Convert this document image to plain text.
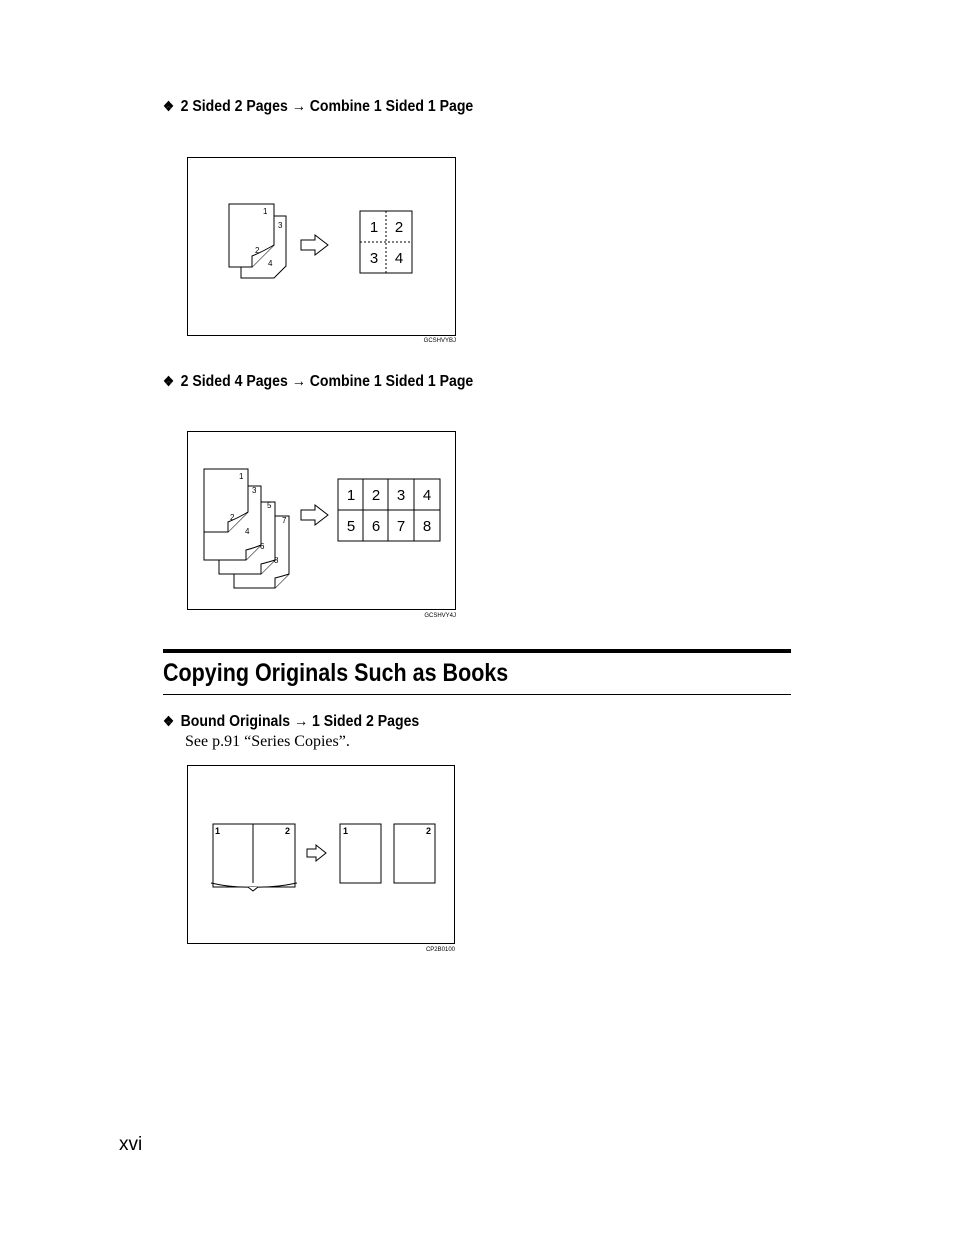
❖ 2 Sided 2 Pages → Combine 1 Sided 1 Page
1
3
2
4
1 2
3 4
GCSHVYBJ
❖ 2 Sided 4 Pages → Combine 1 Sided 1 Page
1
3
2
5
4
7
6
8
1 2 3 4
5 6 7 8
GCSHVY4J
Copying Originals Such as Books
❖ Bound Originals → 1 Sided 2 Pages
See p.91 “Series Copies”.
1	2	1	2
CP2B0100
xvi
